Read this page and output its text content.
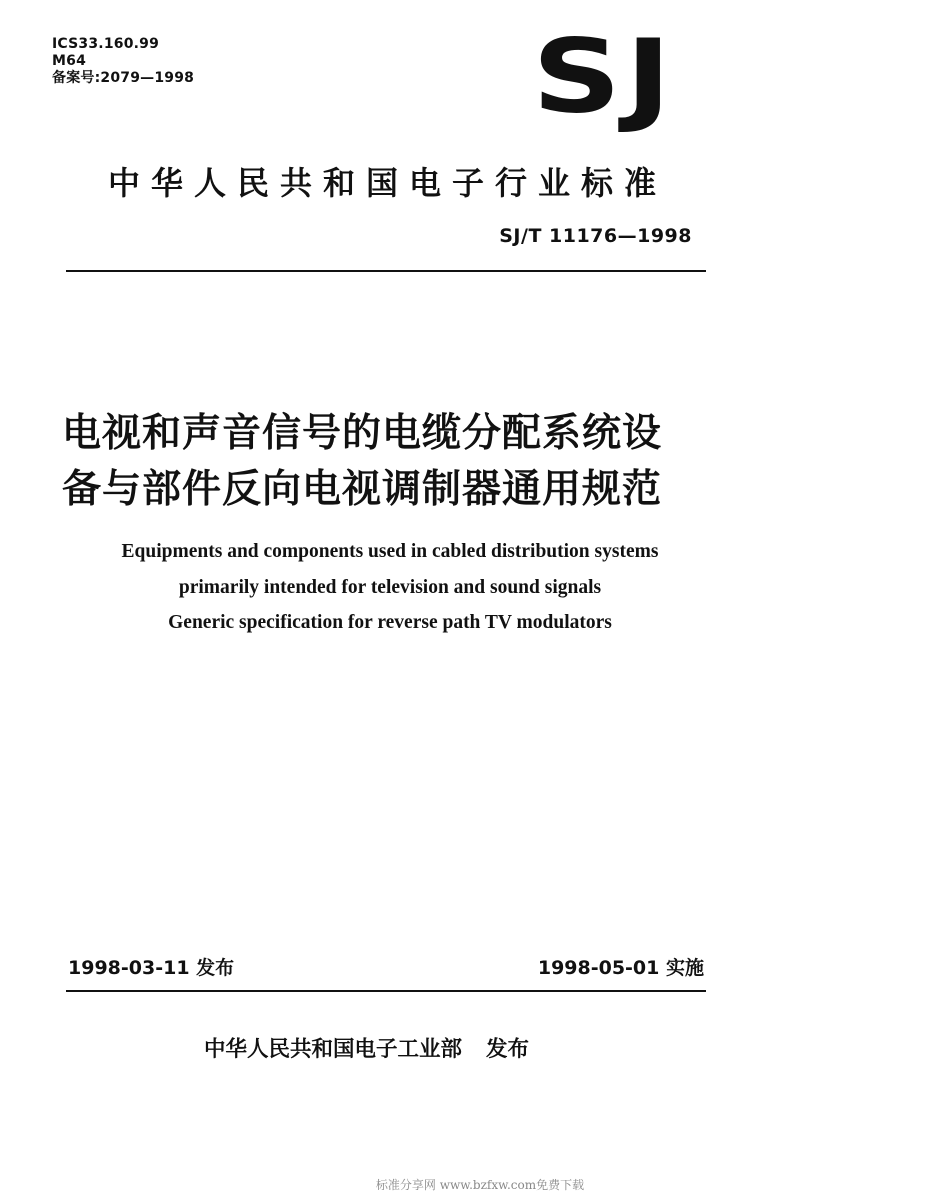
ICS33.160.99
M64
备案号:2079—1998	SJ
中华人民共和国电子行业标准
SJ/T 11176—1998
电视和声音信号的电缆分配系统设
备与部件反向电视调制器通用规范
Equipments and components used in cabled distribution systems
primarily intended for television and sound signals
Generic specification for reverse path TV modulators
1998-03-11 发布	1998-05-01 实施
中华人民共和国电子工业部 发布
标准分享网 www.bzfxw.com免费下载
